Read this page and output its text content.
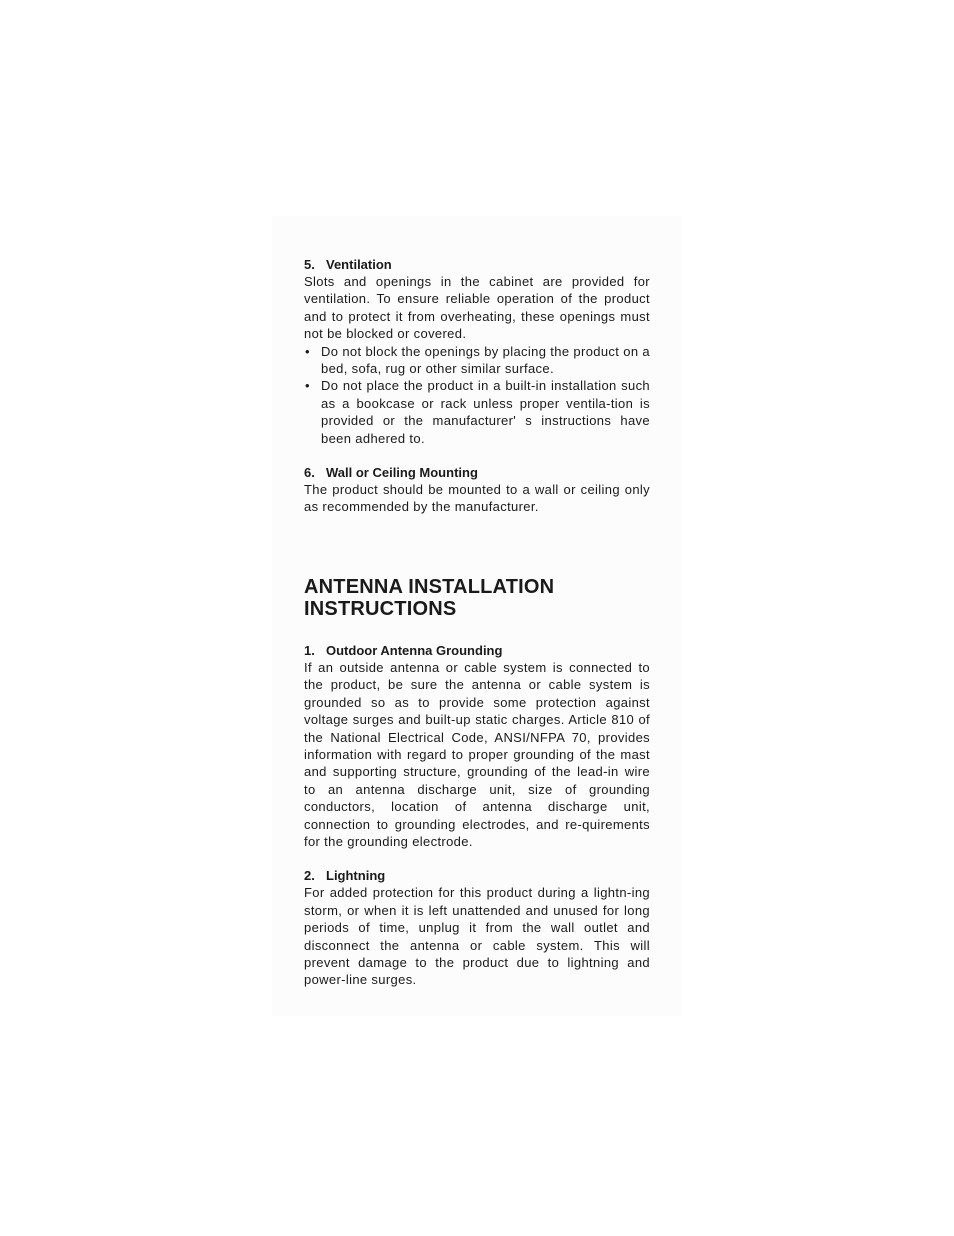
5. Ventilation

Slots and openings in the cabinet are provided for ventilation. To ensure reliable operation of the product and to protect it from overheating, these openings must not be blocked or covered.

• Do not block the openings by placing the product on a bed, sofa, rug or other similar surface.
• Do not place the product in a built-in installation such as a bookcase or rack unless proper ventila-tion is provided or the manufacturer' s instructions have been adhered to.
6. Wall or Ceiling Mounting

The product should be mounted to a wall or ceiling only as recommended by the manufacturer.

ANTENNA INSTALLATION
INSTRUCTIONS
1. Outdoor Antenna Grounding

If an outside antenna or cable system is connected to the product, be sure the antenna or cable system is grounded so as to provide some protection against voltage surges and built-up static charges. Article 810 of the National Electrical Code, ANSI/NFPA 70, provides information with regard to proper grounding of the mast and supporting structure, grounding of the lead-in wire to an antenna discharge unit, size of grounding conductors, location of antenna discharge unit, connection to grounding electrodes, and re-quirements for the grounding electrode.

2. Lightning

For added protection for this product during a lightn-ing storm, or when it is left unattended and unused for long periods of time, unplug it from the wall outlet and disconnect the antenna or cable system. This will prevent damage to the product due to lightning and power-line surges.
